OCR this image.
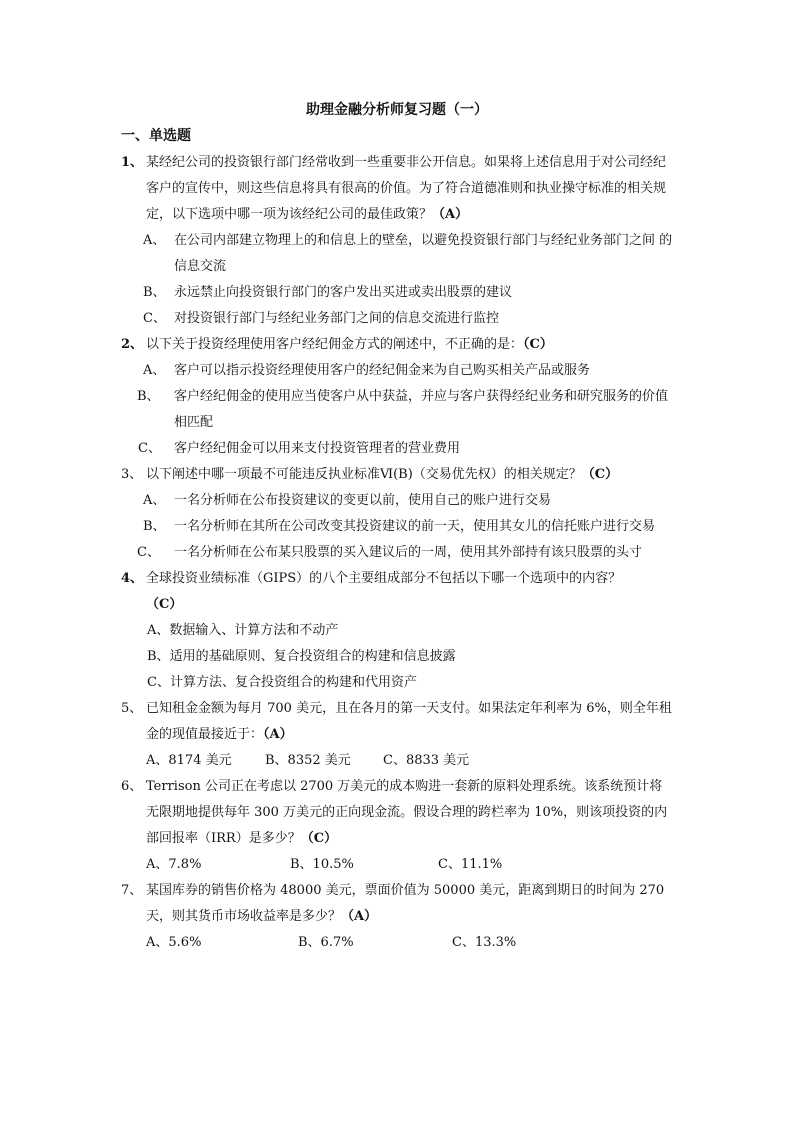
助理金融分析师复习题（一）
一、单选题
1、 某经纪公司的投资银行部门经常收到一些重要非公开信息。如果将上述信息用于对公司经纪客户的宣传中，则这些信息将具有很高的价值。为了符合道德准则和执业操守标准的相关规定，以下选项中哪一项为该经纪公司的最佳政策？（A）
A、 在公司内部建立物理上的和信息上的壁垒，以避免投资银行部门与经纪业务部门之间 的信息交流
B、 永远禁止向投资银行部门的客户发出买进或卖出股票的建议
C、 对投资银行部门与经纪业务部门之间的信息交流进行监控
2、 以下关于投资经理使用客户经纪佣金方式的阐述中，不正确的是：（C）
A、 客户可以指示投资经理使用客户的经纪佣金来为自己购买相关产品或服务
B、 客户经纪佣金的使用应当使客户从中获益，并应与客户获得经纪业务和研究服务的价值相匹配
C、 客户经纪佣金可以用来支付投资管理者的营业费用
3、 以下阐述中哪一项最不可能违反执业标准Ⅵ(B)（交易优先权）的相关规定？（C）
A、 一名分析师在公布投资建议的变更以前，使用自己的账户进行交易
B、 一名分析师在其所在公司改变其投资建议的前一天，使用其女儿的信托账户进行交易
C、 一名分析师在公布某只股票的买入建议后的一周，使用其外部持有该只股票的头寸
4、 全球投资业绩标准（GIPS）的八个主要组成部分不包括以下哪一个选项中的内容？
（C）
A、数据输入、计算方法和不动产
B、适用的基础原则、复合投资组合的构建和信息披露
C、计算方法、复合投资组合的构建和代用资产
5、 已知租金金额为每月 700 美元，且在各月的第一天支付。如果法定年利率为 6%，则全年租金的现值最接近于：（A）
A、8174 美元	B、8352 美元 C、8833 美元
6、 Terrison 公司正在考虑以 2700 万美元的成本购进一套新的原料处理系统。该系统预计将无限期地提供每年 300 万美元的正向现金流。假设合理的跨栏率为 10%，则该项投资的内部回报率（IRR）是多少？（C）
A、7.8%	B、10.5%	C、11.1%
7、 某国库券的销售价格为 48000 美元，票面价值为 50000 美元，距离到期日的时间为 270 天，则其货币市场收益率是多少？（A）
A、5.6%	B、6.7%	C、13.3%
